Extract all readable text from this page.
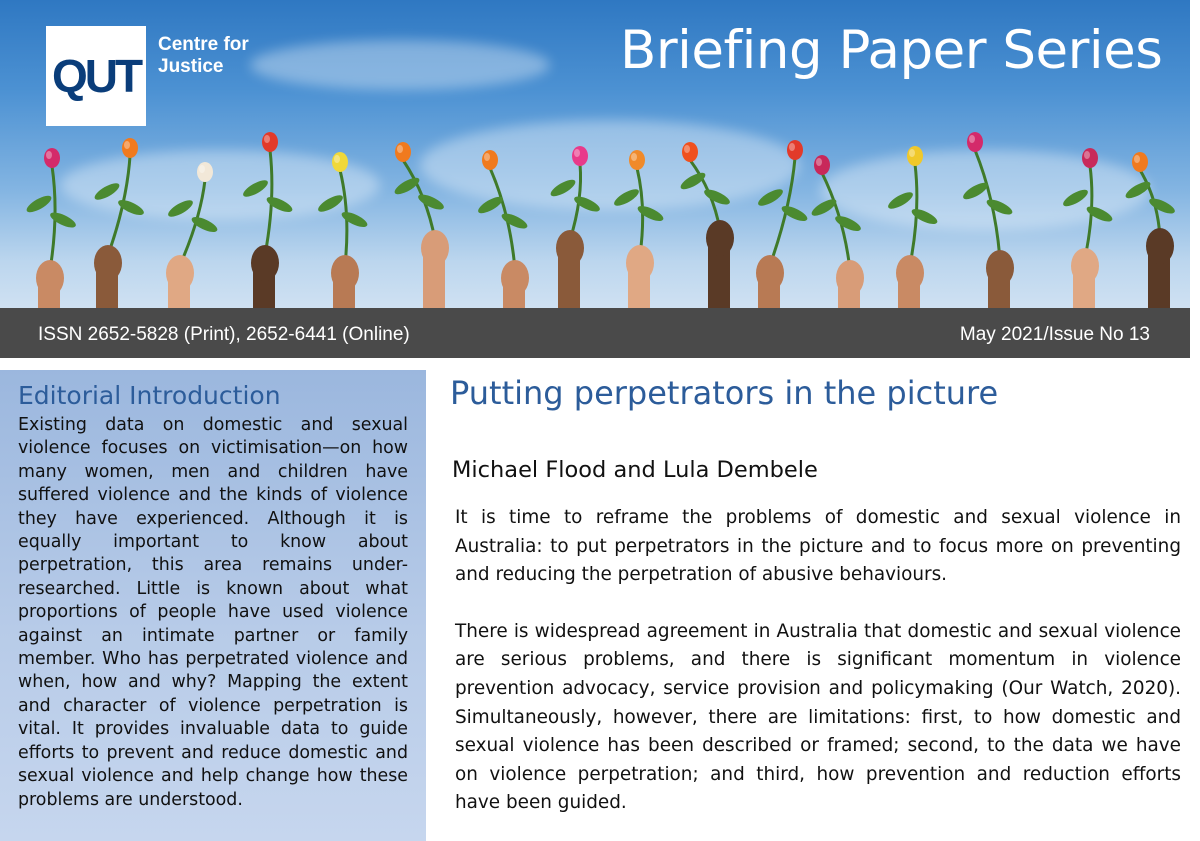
QUT
Centre for Justice	Briefing Paper Series
ISSN 2652-5828 (Print), 2652-6441 (Online)	May 2021/Issue No 13
Editorial Introduction

Existing data on domestic and sexual violence focuses on victimisation—on how many women, men and children have suffered violence and the kinds of violence they have experienced. Although it is equally important to know about perpetration, this area remains under-researched. Little is known about what proportions of people have used violence against an intimate partner or family member. Who has perpetrated violence and when, how and why? Mapping the extent and character of violence perpetration is vital. It provides invaluable data to guide efforts to prevent and reduce domestic and sexual violence and help change how these problems are understood.

Putting perpetrators in the picture
Michael Flood and Lula Dembele

It is time to reframe the problems of domestic and sexual violence in Australia: to put perpetrators in the picture and to focus more on preventing and reducing the perpetration of abusive behaviours.

There is widespread agreement in Australia that domestic and sexual violence are serious problems, and there is significant momentum in violence prevention advocacy, service provision and policymaking (Our Watch, 2020). Simultaneously, however, there are limitations: first, to how domestic and sexual violence has been described or framed; second, to the data we have on violence perpetration; and third, how prevention and reduction efforts have been guided.
